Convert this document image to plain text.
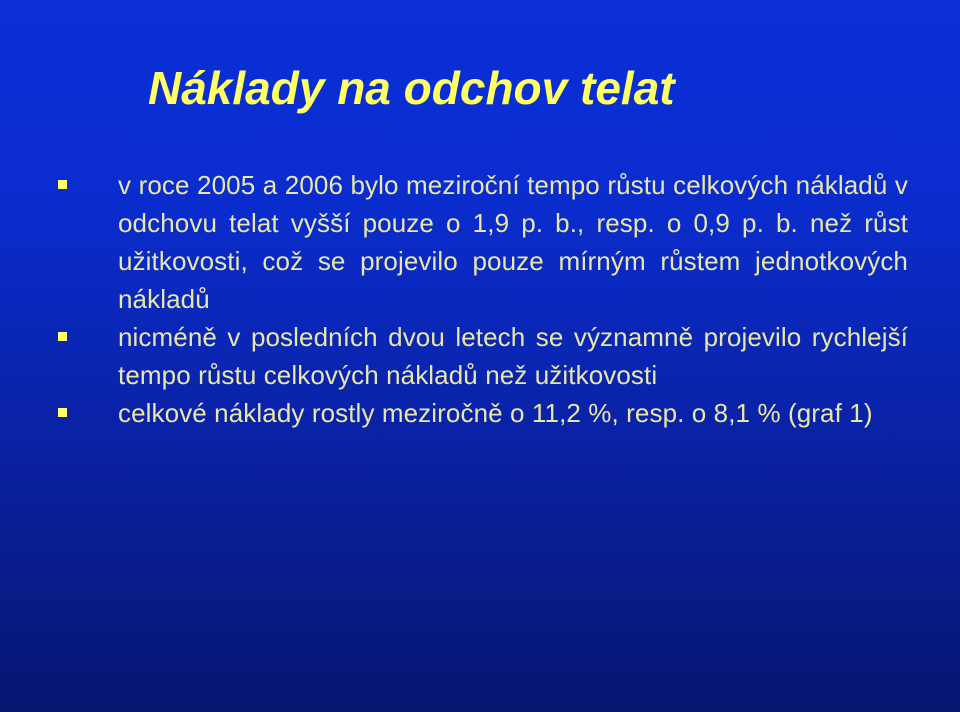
Náklady na odchov telat
v roce 2005 a 2006 bylo meziroční tempo růstu celkových nákladů v odchovu telat vyšší pouze o 1,9 p. b., resp. o 0,9 p. b. než růst užitkovosti, což se projevilo pouze mírným růstem jednotkových nákladů
nicméně v posledních dvou letech se významně projevilo rychlejší tempo růstu celkových nákladů než užitkovosti
celkové náklady rostly meziročně o 11,2 %, resp. o 8,1 % (graf 1)
